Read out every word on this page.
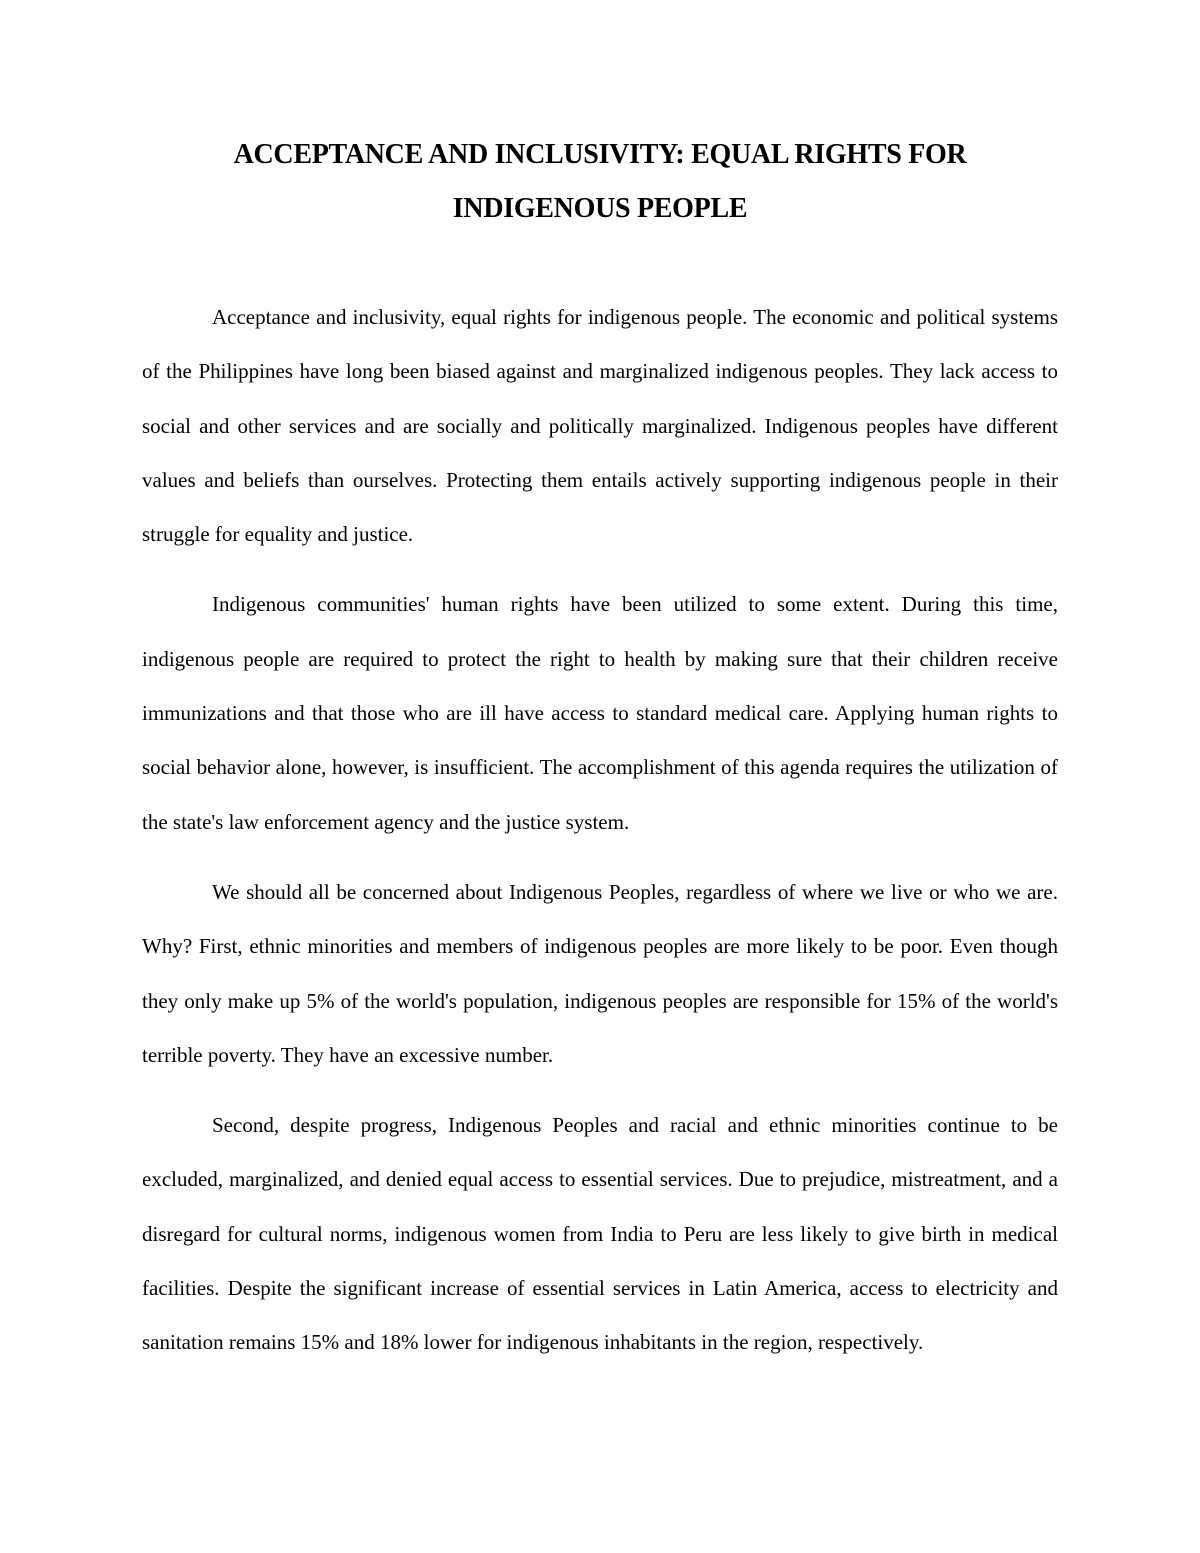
ACCEPTANCE AND INCLUSIVITY: EQUAL RIGHTS FOR
INDIGENOUS PEOPLE

Acceptance and inclusivity, equal rights for indigenous people. The economic and political systems of the Philippines have long been biased against and marginalized indigenous peoples. They lack access to social and other services and are socially and politically marginalized. Indigenous peoples have different values and beliefs than ourselves. Protecting them entails actively supporting indigenous people in their struggle for equality and justice.

Indigenous communities' human rights have been utilized to some extent. During this time, indigenous people are required to protect the right to health by making sure that their children receive immunizations and that those who are ill have access to standard medical care. Applying human rights to social behavior alone, however, is insufficient. The accomplishment of this agenda requires the utilization of the state's law enforcement agency and the justice system.

We should all be concerned about Indigenous Peoples, regardless of where we live or who we are. Why? First, ethnic minorities and members of indigenous peoples are more likely to be poor. Even though they only make up 5% of the world's population, indigenous peoples are responsible for 15% of the world's terrible poverty. They have an excessive number.

Second, despite progress, Indigenous Peoples and racial and ethnic minorities continue to be excluded, marginalized, and denied equal access to essential services. Due to prejudice, mistreatment, and a disregard for cultural norms, indigenous women from India to Peru are less likely to give birth in medical facilities. Despite the significant increase of essential services in Latin America, access to electricity and sanitation remains 15% and 18% lower for indigenous inhabitants in the region, respectively.
